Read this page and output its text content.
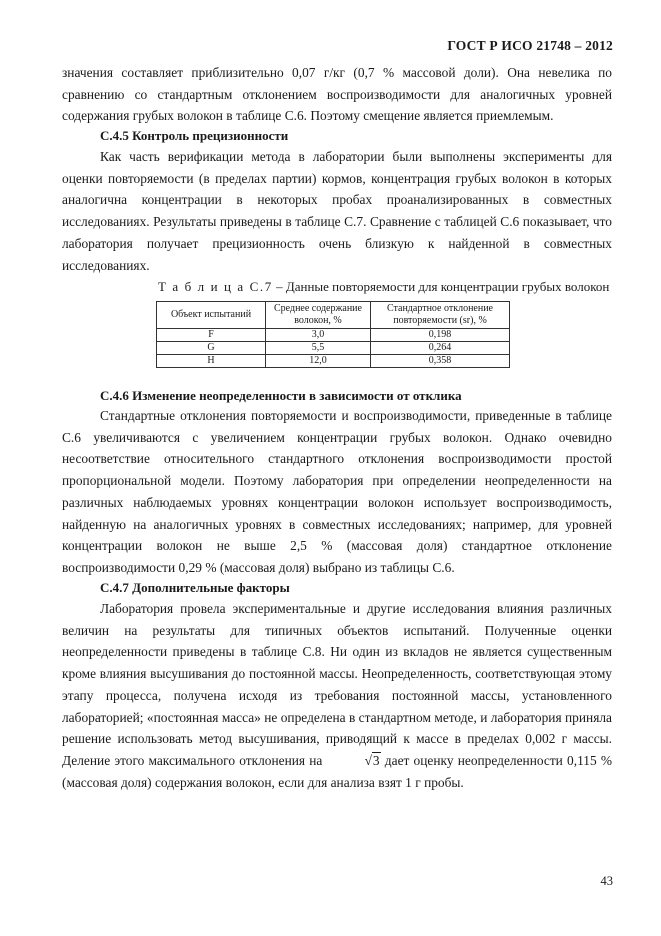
ГОСТ Р ИСО 21748 – 2012

значения составляет приблизительно 0,07 г/кг (0,7 % массовой доли). Она невелика по сравнению со стандартным отклонением воспроизводимости для аналогичных уровней содержания грубых волокон в таблице С.6. Поэтому смещение является приемлемым.

С.4.5 Контроль прецизионности

Как часть верификации метода в лаборатории были выполнены эксперименты для оценки повторяемости (в пределах партии) кормов, концентрация грубых волокон в которых аналогична концентрации в некоторых пробах проанализированных в совместных исследованиях. Результаты приведены в таблице С.7. Сравнение с таблицей С.6 показывает, что лаборатория получает прецизионность очень близкую к найденной в совместных исследованиях.

Т а б л и ц а С.7 – Данные повторяемости для концентрации грубых волокон
Объект испытаний	Среднее содержание волокон, %	Стандартное отклонение повторяемости (sr), %
F	3,0	0,198
G	5,5	0,264
H	12,0	0,358
С.4.6 Изменение неопределенности в зависимости от отклика

Стандартные отклонения повторяемости и воспроизводимости, приведенные в таблице С.6 увеличиваются с увеличением концентрации грубых волокон. Однако очевидно несоответствие относительного стандартного отклонения воспроизводимости простой пропорциональной модели. Поэтому лаборатория при определении неопределенности на различных наблюдаемых уровнях концентрации волокон использует воспроизводимость, найденную на аналогичных уровнях в совместных исследованиях; например, для уровней концентрации волокон не выше 2,5 % (массовая доля) стандартное отклонение воспроизводимости 0,29 % (массовая доля) выбрано из таблицы С.6.

С.4.7 Дополнительные факторы

Лаборатория провела экспериментальные и другие исследования влияния различных величин на результаты для типичных объектов испытаний. Полученные оценки неопределенности приведены в таблице С.8. Ни один из вкладов не является существенным кроме влияния высушивания до постоянной массы. Неопределенность, соответствующая этому этапу процесса, получена исходя из требования постоянной массы, установленного лабораторией; «постоянная масса» не определена в стандартном методе, и лаборатория приняла решение использовать метод высушивания, приводящий к массе в пределах 0,002 г массы. Деление этого максимального отклонения на	√3 дает оценку неопределенности 0,115 % (массовая доля) содержания волокон, если для анализа взят 1 г пробы.

43
